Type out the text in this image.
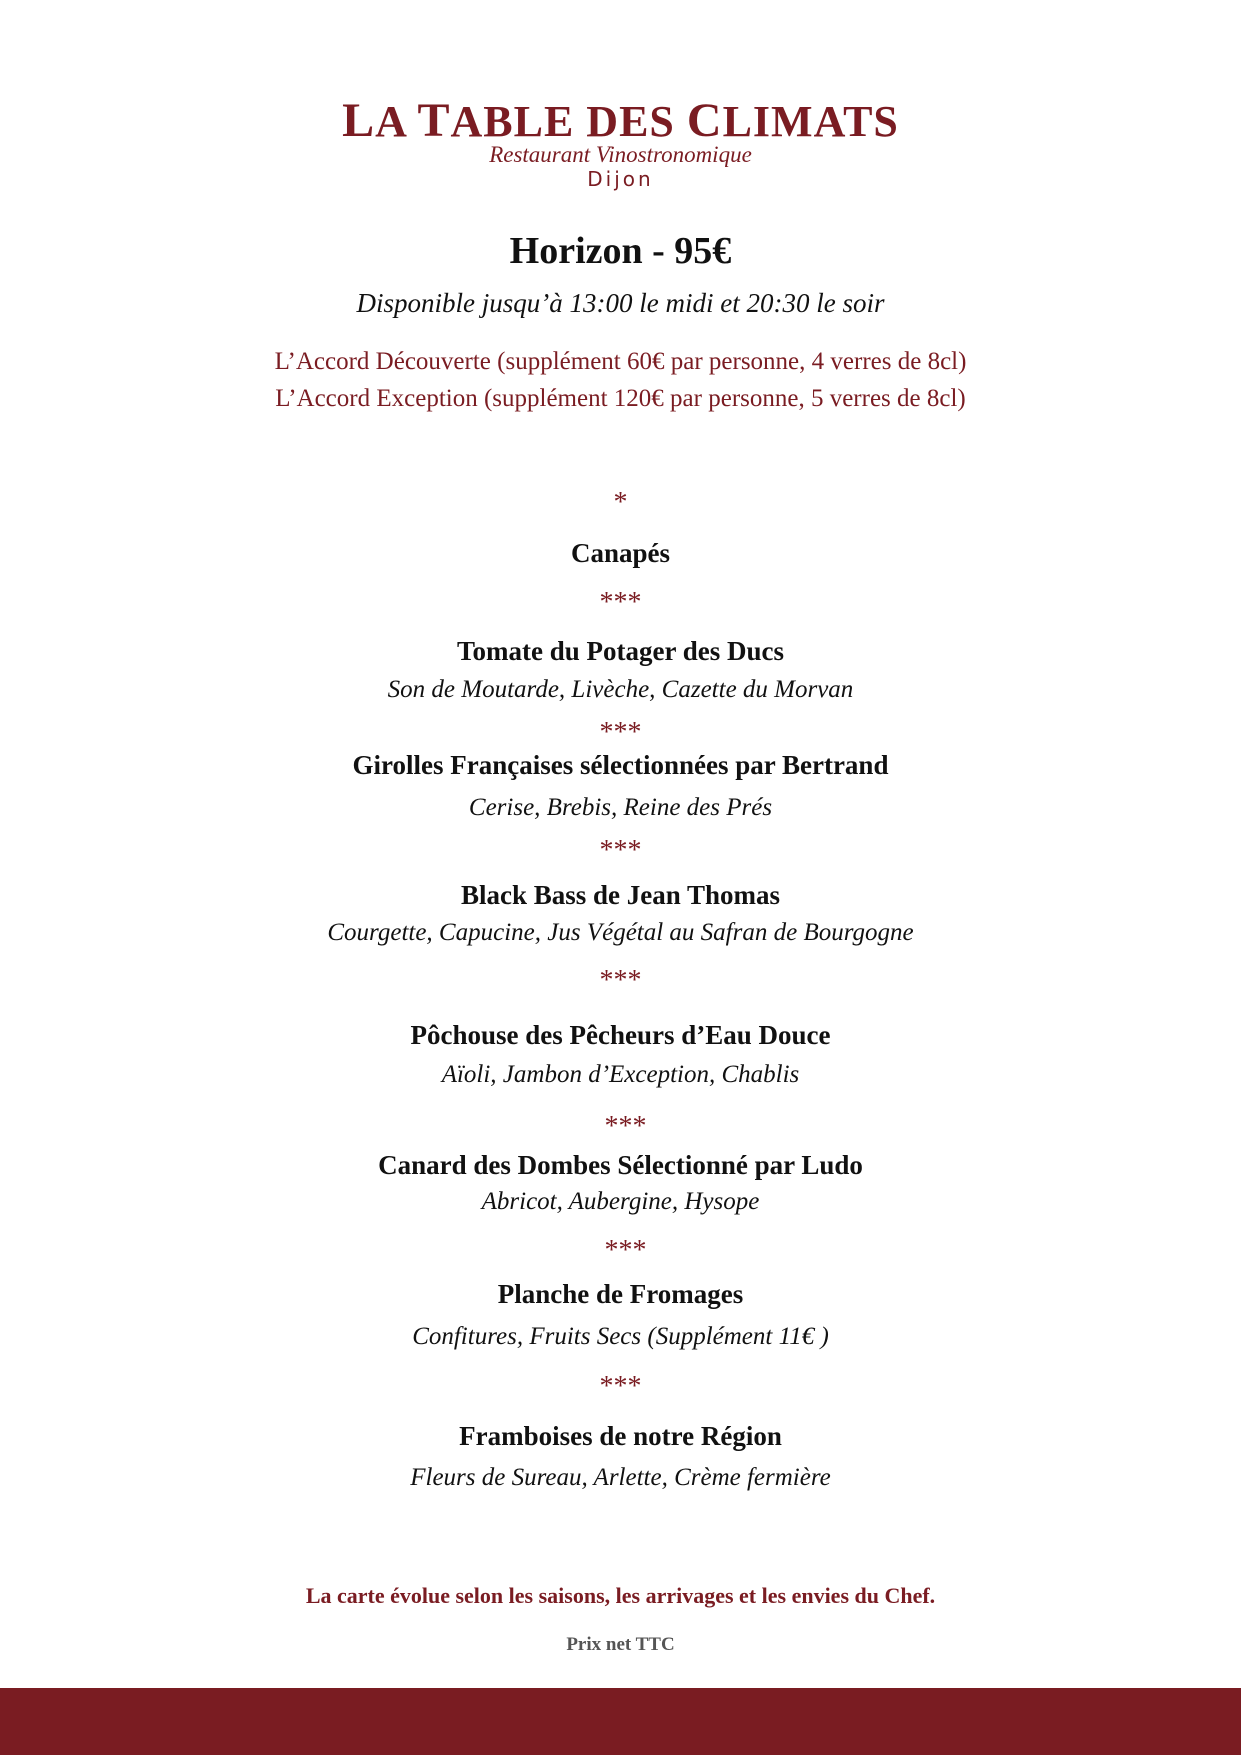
LA TABLE DES CLIMATS
Restaurant Vinostronomique
Dijon
Horizon - 95€
Disponible jusqu’à 13:00 le midi et 20:30 le soir
L’Accord Découverte (supplément 60€ par personne, 4 verres de 8cl)
L’Accord Exception (supplément 120€ par personne, 5 verres de 8cl)
*
Canapés
***
Tomate du Potager des Ducs
Son de Moutarde, Livèche, Cazette du Morvan
***
Girolles Françaises sélectionnées par Bertrand
Cerise, Brebis, Reine des Prés
***
Black Bass de Jean Thomas
Courgette, Capucine, Jus Végétal au Safran de Bourgogne
***
Pôchouse des Pêcheurs d’Eau Douce
Aïoli, Jambon d’Exception, Chablis
***
Canard des Dombes Sélectionné par Ludo
Abricot, Aubergine, Hysope
***
Planche de Fromages
Confitures, Fruits Secs (Supplément 11€ )
***
Framboises de notre Région
Fleurs de Sureau, Arlette, Crème fermière
La carte évolue selon les saisons, les arrivages et les envies du Chef.
Prix net TTC
